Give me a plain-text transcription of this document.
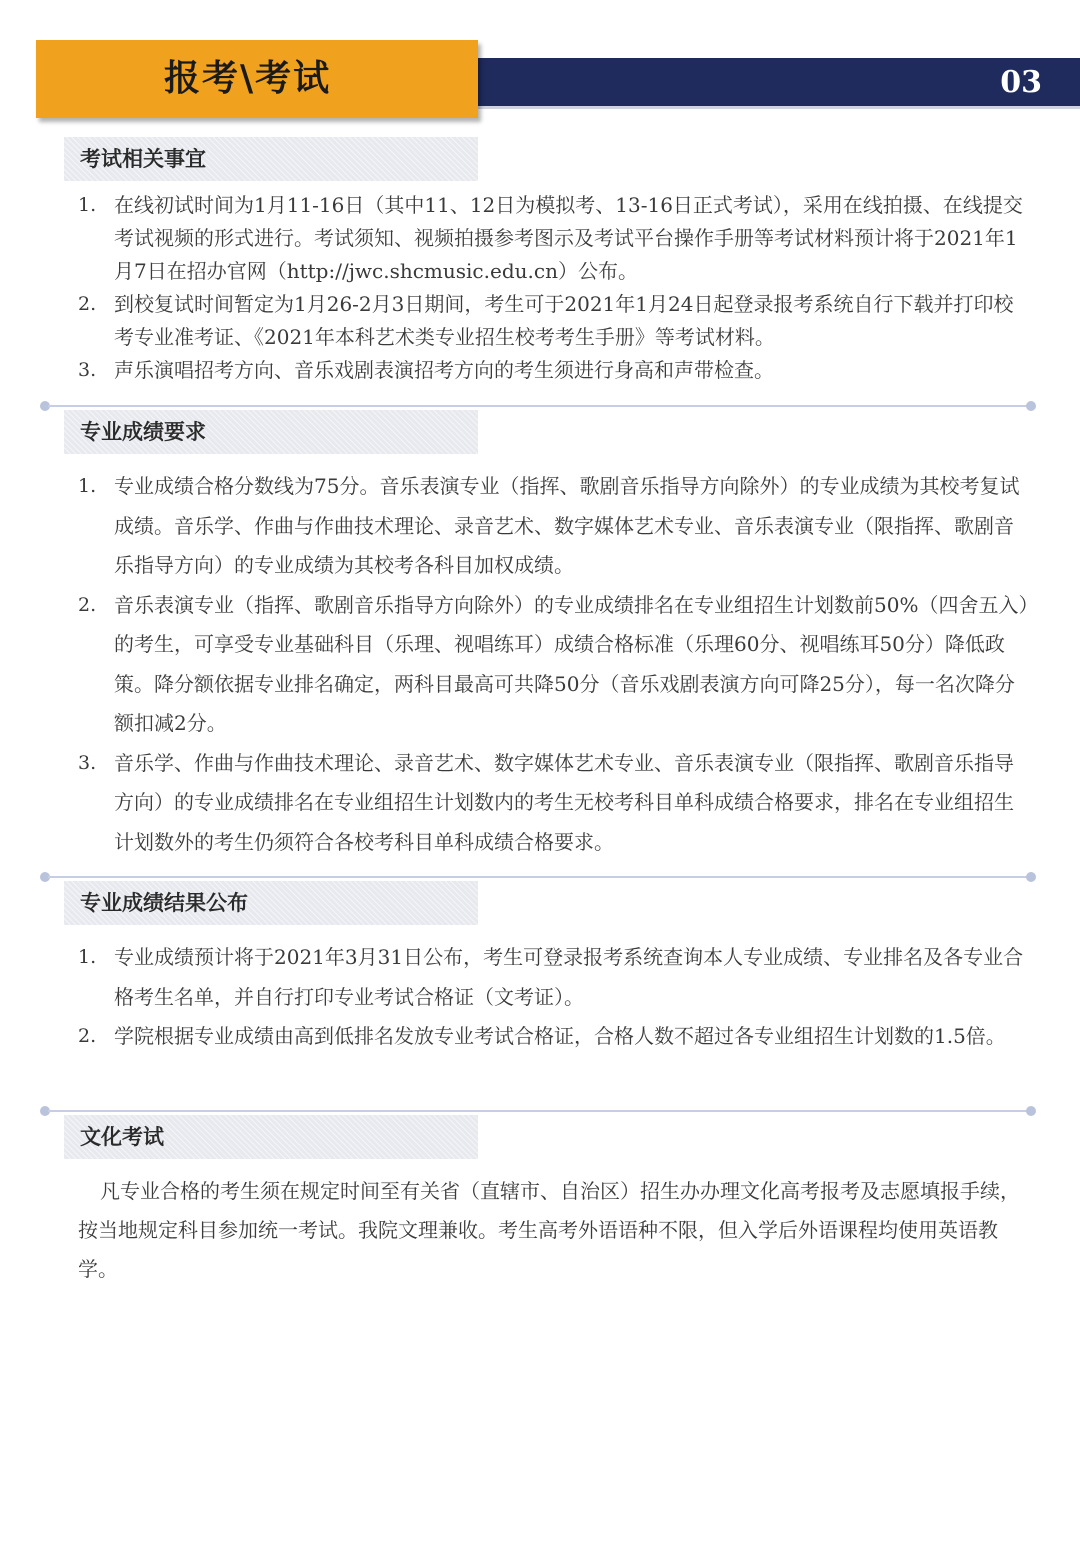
03
报考\考试
考试相关事宜
1. 在线初试时间为1月11-16日（其中11、12日为模拟考、13-16日正式考试），采用在线拍摄、在线提交考试视频的形式进行。考试须知、视频拍摄参考图示及考试平台操作手册等考试材料预计将于2021年1月7日在招办官网（http://jwc.shcmusic.edu.cn）公布。
2. 到校复试时间暂定为1月26-2月3日期间，考生可于2021年1月24日起登录报考系统自行下载并打印校考专业准考证、《2021年本科艺术类专业招生校考考生手册》等考试材料。
3. 声乐演唱招考方向、音乐戏剧表演招考方向的考生须进行身高和声带检查。
专业成绩要求
1. 专业成绩合格分数线为75分。音乐表演专业（指挥、歌剧音乐指导方向除外）的专业成绩为其校考复试成绩。音乐学、作曲与作曲技术理论、录音艺术、数字媒体艺术专业、音乐表演专业（限指挥、歌剧音乐指导方向）的专业成绩为其校考各科目加权成绩。
2. 音乐表演专业（指挥、歌剧音乐指导方向除外）的专业成绩排名在专业组招生计划数前50%（四舍五入）的考生，可享受专业基础科目（乐理、视唱练耳）成绩合格标准（乐理60分、视唱练耳50分）降低政策。降分额依据专业排名确定，两科目最高可共降50分（音乐戏剧表演方向可降25分），每一名次降分额扣减2分。
3. 音乐学、作曲与作曲技术理论、录音艺术、数字媒体艺术专业、音乐表演专业（限指挥、歌剧音乐指导方向）的专业成绩排名在专业组招生计划数内的考生无校考科目单科成绩合格要求，排名在专业组招生计划数外的考生仍须符合各校考科目单科成绩合格要求。
专业成绩结果公布
1. 专业成绩预计将于2021年3月31日公布，考生可登录报考系统查询本人专业成绩、专业排名及各专业合格考生名单，并自行打印专业考试合格证（文考证）。
2. 学院根据专业成绩由高到低排名发放专业考试合格证，合格人数不超过各专业组招生计划数的1.5倍。
文化考试
凡专业合格的考生须在规定时间至有关省（直辖市、自治区）招生办办理文化高考报考及志愿填报手续，按当地规定科目参加统一考试。我院文理兼收。考生高考外语语种不限，但入学后外语课程均使用英语教学。
